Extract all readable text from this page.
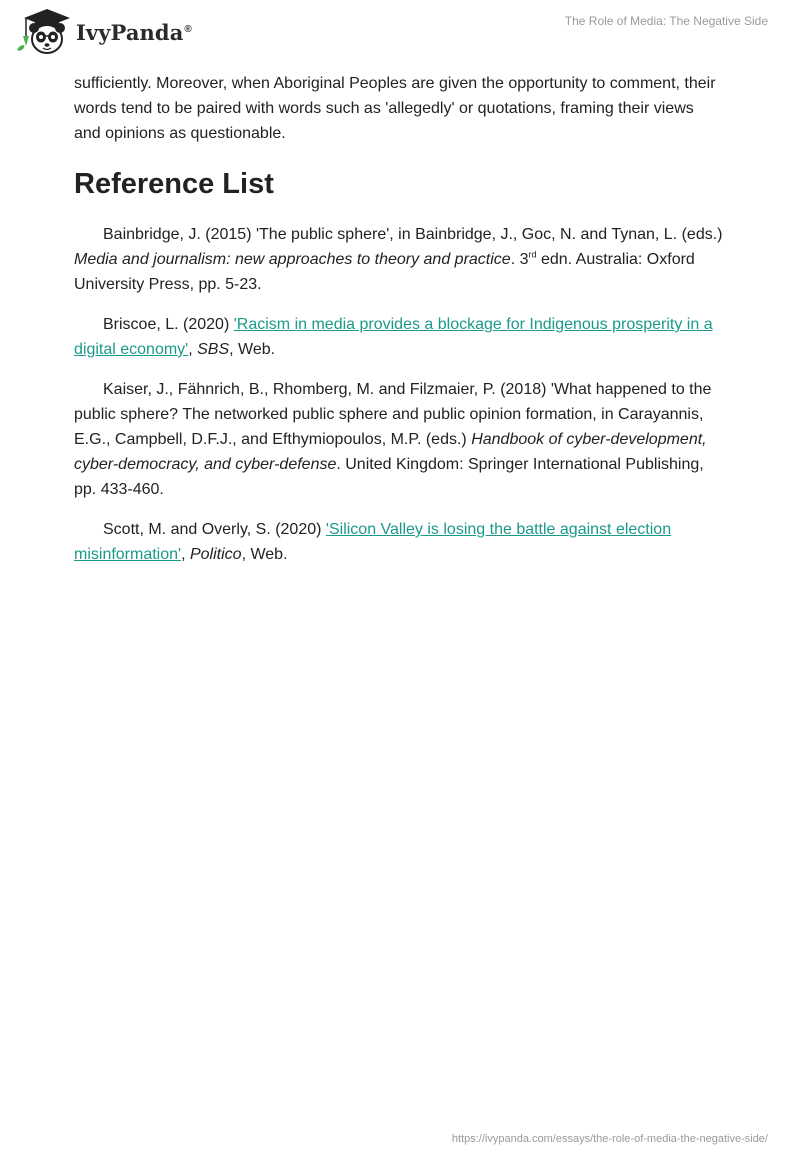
IvyPanda®
The Role of Media: The Negative Side

sufficiently. Moreover, when Aboriginal Peoples are given the opportunity to comment, their words tend to be paired with words such as 'allegedly' or quotations, framing their views and opinions as questionable.

Reference List

Bainbridge, J. (2015) 'The public sphere', in Bainbridge, J., Goc, N. and Tynan, L. (eds.) Media and journalism: new approaches to theory and practice. 3rd edn. Australia: Oxford University Press, pp. 5-23.

Briscoe, L. (2020) 'Racism in media provides a blockage for Indigenous prosperity in a digital economy', SBS, Web.

Kaiser, J., Fähnrich, B., Rhomberg, M. and Filzmaier, P. (2018) 'What happened to the public sphere? The networked public sphere and public opinion formation, in Carayannis, E.G., Campbell, D.F.J., and Efthymiopoulos, M.P. (eds.) Handbook of cyber-development, cyber-democracy, and cyber-defense. United Kingdom: Springer International Publishing, pp. 433-460.

Scott, M. and Overly, S. (2020) 'Silicon Valley is losing the battle against election misinformation', Politico, Web.

https://ivypanda.com/essays/the-role-of-media-the-negative-side/
